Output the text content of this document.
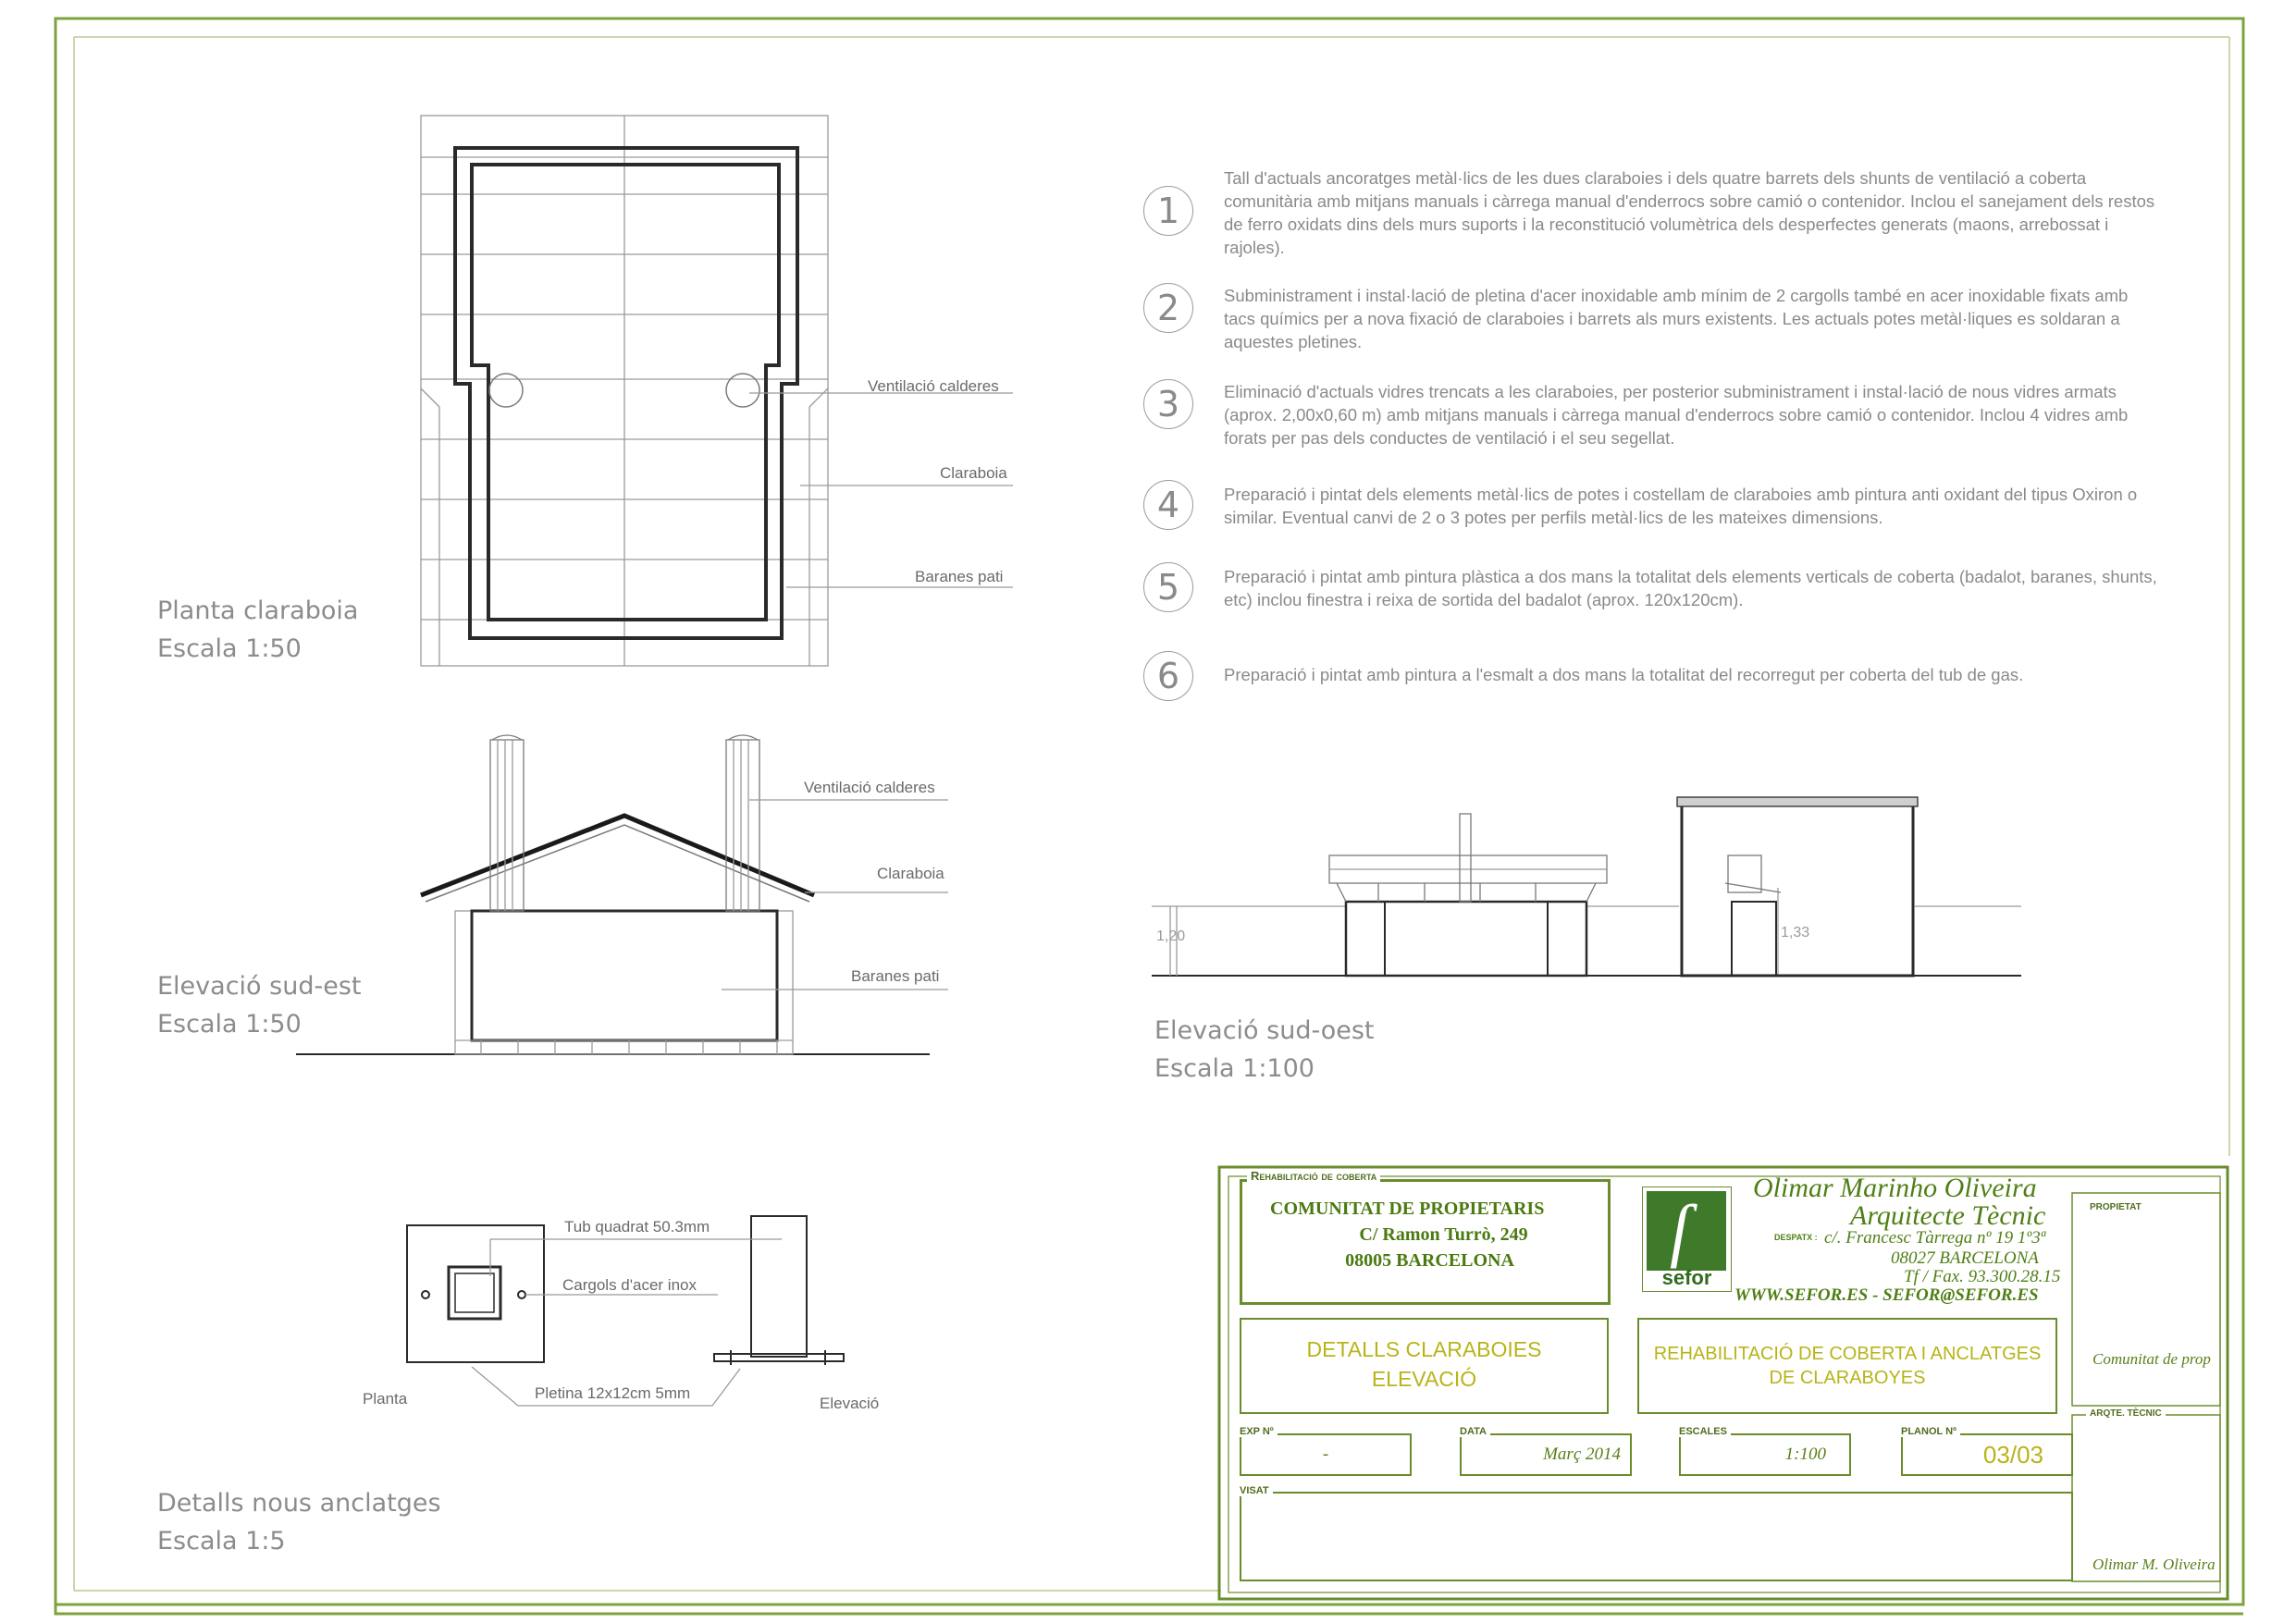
Planta claraboia
Escala 1:50
Elevació sud-est
Escala 1:50	Elevació sud-oest
Escala 1:100
Detalls nous anclatges
Escala 1:5
Ventilació calderes
Claraboia
Baranes pati
Ventilació calderes
Claraboia
Baranes pati
1,20	1,33
Tub quadrat 50.3mm
Cargols d'acer inox
Pletina 12x12cm 5mm
Planta	Elevació
1
Tall d'actuals ancoratges metàl·lics de les dues claraboies i dels quatre barrets dels shunts de ventilació a coberta comunitària amb mitjans manuals i càrrega manual d'enderrocs sobre camió o contenidor. Inclou el sanejament dels restos de ferro oxidats dins dels murs suports i la reconstitució volumètrica dels desperfectes generats (maons, arrebossat i rajoles).
2	Subministrament i instal·lació de pletina d'acer inoxidable amb mínim de 2 cargolls també en acer inoxidable fixats amb tacs químics per a nova fixació de claraboies i barrets als murs existents. Les actuals potes metàl·liques es soldaran a aquestes pletines.
3	Eliminació d'actuals vidres trencats a les claraboies, per posterior subministrament i instal·lació de nous vidres armats (aprox. 2,00x0,60 m) amb mitjans manuals i càrrega manual d'enderrocs sobre camió o contenidor. Inclou 4 vidres amb forats per pas dels conductes de ventilació i el seu segellat.
4	Preparació i pintat dels elements metàl·lics de potes i costellam de claraboies amb pintura anti oxidant del tipus Oxiron o similar. Eventual canvi de 2 o 3 potes per perfils metàl·lics de les mateixes dimensions.
5	Preparació i pintat amb pintura plàstica a dos mans la totalitat dels elements verticals de coberta (badalot, baranes, shunts, etc) inclou finestra i reixa de sortida del badalot (aprox. 120x120cm).
6	Preparació i pintat amb pintura a l'esmalt a dos mans la totalitat del recorregut per coberta del tub de gas.
COMUNITAT DE PROPIETARIS
C/ Ramon Turrò, 249
08005 BARCELONA
Rehabilitació de coberta
ſ
sefor
Olimar Marinho Oliveira
Arquitecte Tècnic
DESPATX : c/. Francesc Tàrrega nº 19 1º3ª
08027 BARCELONA
Tf / Fax. 93.300.28.15
WWW.SEFOR.ES - SEFOR@SEFOR.ES
DETALLS CLARABOIES
ELEVACIÓ
REHABILITACIÓ DE COBERTA I ANCLATGES
DE CLARABOYES
-
EXP Nº
Març 2014
DATA
1:100
ESCALES
03/03
PLANOL Nº
VISAT
PROPIETAT
Comunitat de prop
ARQTE. TÈCNIC
Olimar M. Oliveira
